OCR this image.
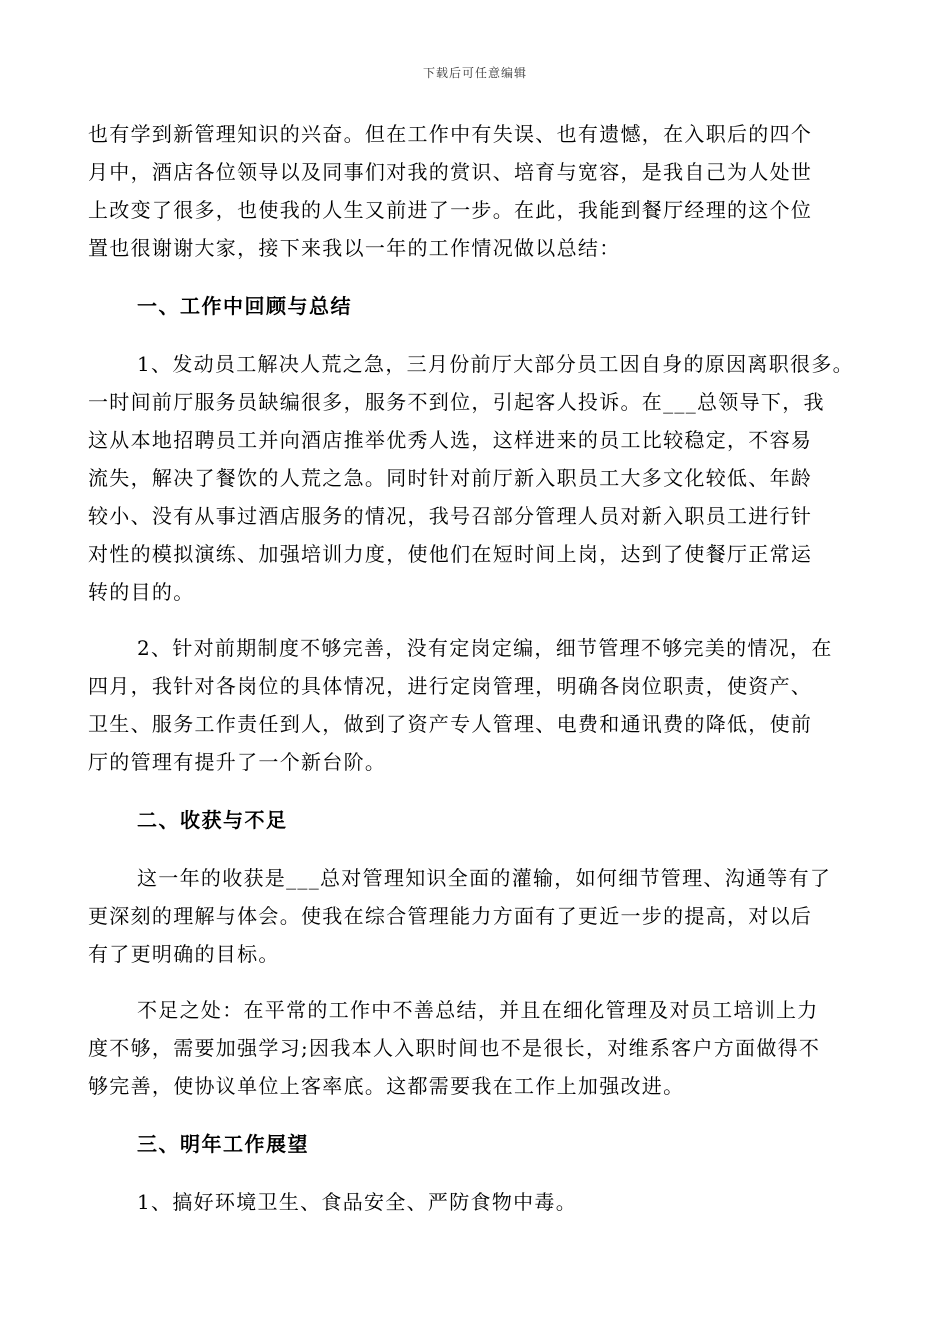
下载后可任意编辑
也有学到新管理知识的兴奋。但在工作中有失误、也有遗憾，在入职后的四个
月中，酒店各位领导以及同事们对我的赏识、培育与宽容，是我自己为人处世
上改变了很多，也使我的人生又前进了一步。在此，我能到餐厅经理的这个位
置也很谢谢大家，接下来我以一年的工作情况做以总结：
一、工作中回顾与总结
1、发动员工解决人荒之急，三月份前厅大部分员工因自身的原因离职很多。
一时间前厅服务员缺编很多，服务不到位，引起客人投诉。在___总领导下，我
这从本地招聘员工并向酒店推举优秀人选，这样进来的员工比较稳定，不容易
流失，解决了餐饮的人荒之急。同时针对前厅新入职员工大多文化较低、年龄
较小、没有从事过酒店服务的情况，我号召部分管理人员对新入职员工进行针
对性的模拟演练、加强培训力度，使他们在短时间上岗，达到了使餐厅正常运
转的目的。
2、针对前期制度不够完善，没有定岗定编，细节管理不够完美的情况，在
四月，我针对各岗位的具体情况，进行定岗管理，明确各岗位职责，使资产、
卫生、服务工作责任到人，做到了资产专人管理、电费和通讯费的降低，使前
厅的管理有提升了一个新台阶。
二、收获与不足
这一年的收获是___总对管理知识全面的灌输，如何细节管理、沟通等有了
更深刻的理解与体会。使我在综合管理能力方面有了更近一步的提高，对以后
有了更明确的目标。
不足之处：在平常的工作中不善总结，并且在细化管理及对员工培训上力
度不够，需要加强学习;因我本人入职时间也不是很长，对维系客户方面做得不
够完善，使协议单位上客率底。这都需要我在工作上加强改进。
三、明年工作展望
1、搞好环境卫生、食品安全、严防食物中毒。
